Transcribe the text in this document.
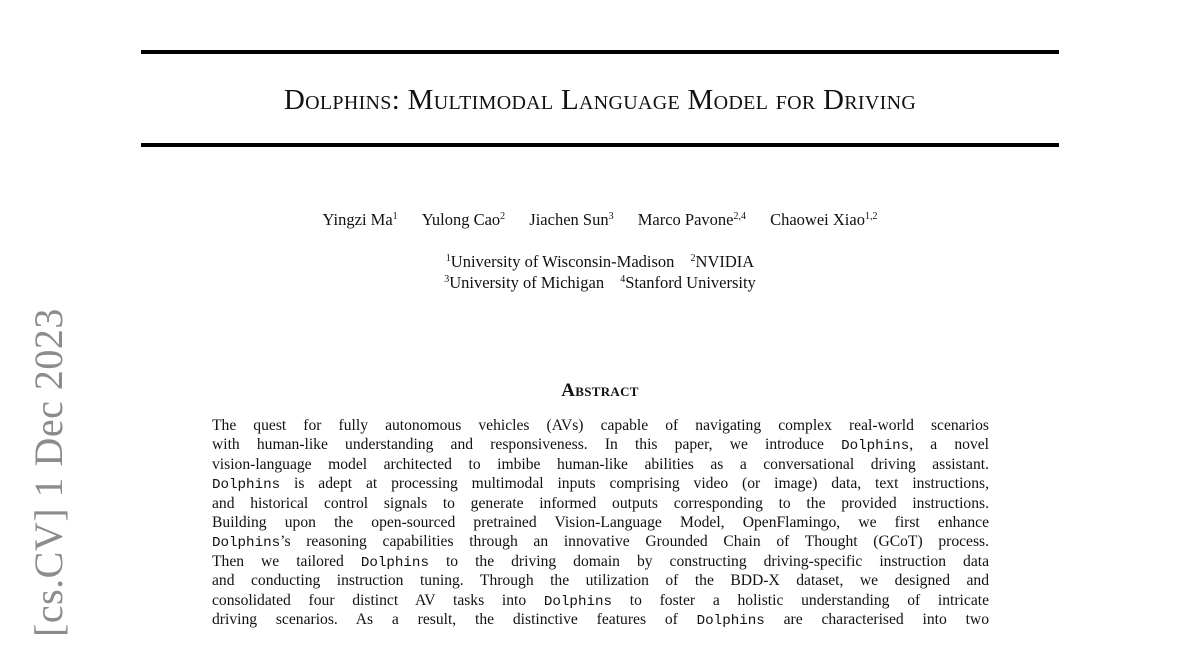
Dolphins: Multimodal Language Model for Driving
Yingzi Ma$^1$ Yulong Cao$^2$ Jiachen Sun$^3$ Marco Pavone$^{2,4}$ Chaowei Xiao$^{1,2}$
$^1$University of Wisconsin-Madison $^2$NVIDIA
$^3$University of Michigan $^4$Stanford University
[cs.CV] 1 Dec 2023	Abstract
The quest for fully autonomous vehicles (AVs) capable of navigating complex real-world scenarios
with human-like understanding and responsiveness. In this paper, we introduce Dolphins, a novel
vision-language model architected to imbibe human-like abilities as a conversational driving assistant.
Dolphins is adept at processing multimodal inputs comprising video (or image) data, text instructions,
and historical control signals to generate informed outputs corresponding to the provided instructions.
Building upon the open-sourced pretrained Vision-Language Model, OpenFlamingo, we first enhance
Dolphins’s reasoning capabilities through an innovative Grounded Chain of Thought (GCoT) process.
Then we tailored Dolphins to the driving domain by constructing driving-specific instruction data
and conducting instruction tuning. Through the utilization of the BDD-X dataset, we designed and
consolidated four distinct AV tasks into Dolphins to foster a holistic understanding of intricate
driving scenarios. As a result, the distinctive features of Dolphins are characterised into two
